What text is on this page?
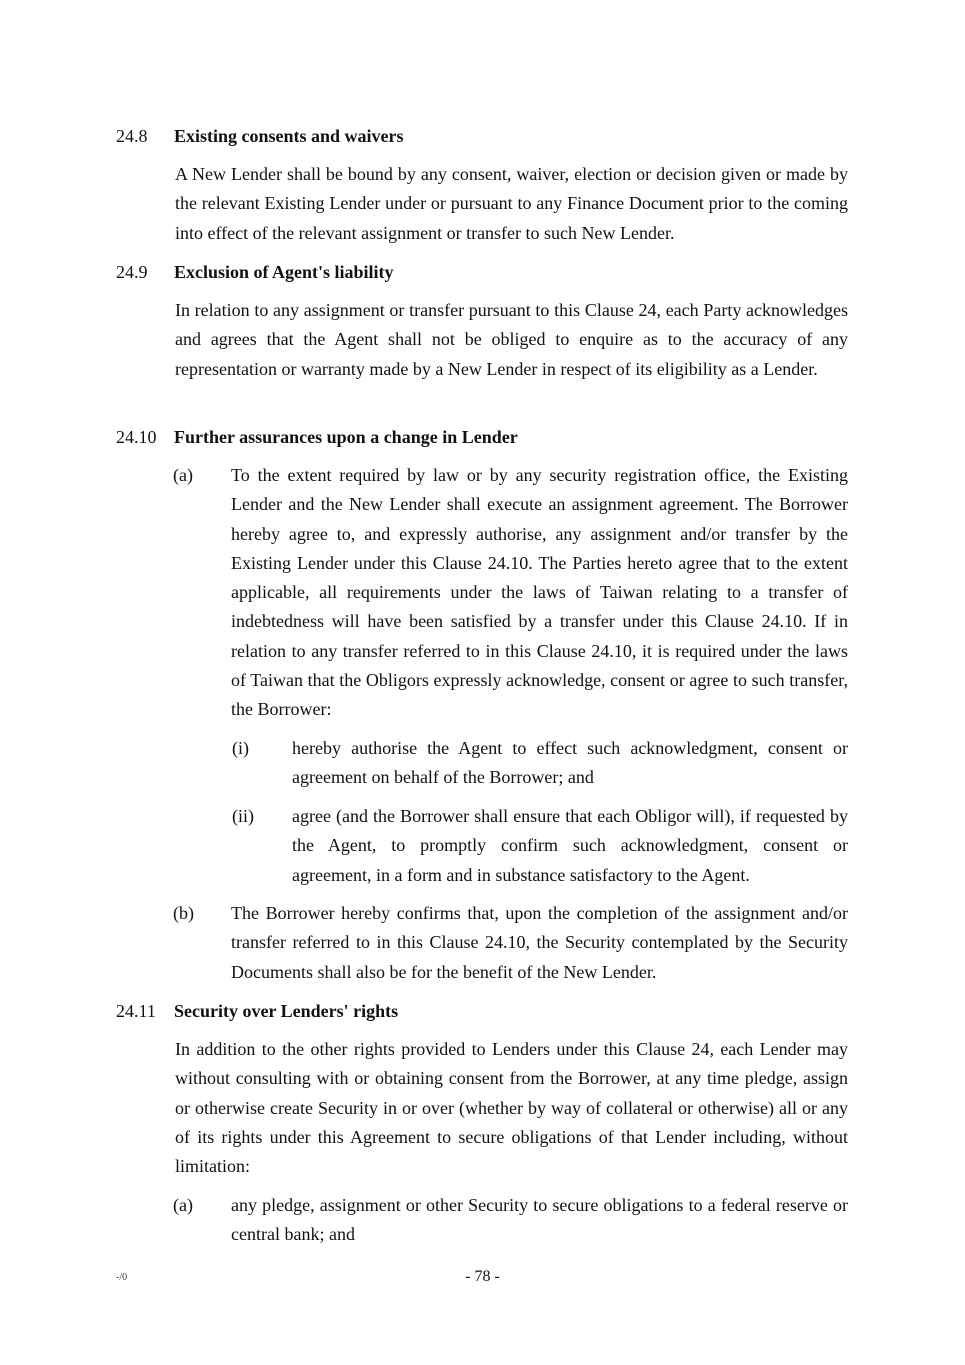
24.8 Existing consents and waivers
A New Lender shall be bound by any consent, waiver, election or decision given or made by the relevant Existing Lender under or pursuant to any Finance Document prior to the coming into effect of the relevant assignment or transfer to such New Lender.
24.9 Exclusion of Agent's liability
In relation to any assignment or transfer pursuant to this Clause 24, each Party acknowledges and agrees that the Agent shall not be obliged to enquire as to the accuracy of any representation or warranty made by a New Lender in respect of its eligibility as a Lender.
24.10 Further assurances upon a change in Lender
(a) To the extent required by law or by any security registration office, the Existing Lender and the New Lender shall execute an assignment agreement. The Borrower hereby agree to, and expressly authorise, any assignment and/or transfer by the Existing Lender under this Clause 24.10. The Parties hereto agree that to the extent applicable, all requirements under the laws of Taiwan relating to a transfer of indebtedness will have been satisfied by a transfer under this Clause 24.10. If in relation to any transfer referred to in this Clause 24.10, it is required under the laws of Taiwan that the Obligors expressly acknowledge, consent or agree to such transfer, the Borrower:
(i) hereby authorise the Agent to effect such acknowledgment, consent or agreement on behalf of the Borrower; and
(ii) agree (and the Borrower shall ensure that each Obligor will), if requested by the Agent, to promptly confirm such acknowledgment, consent or agreement, in a form and in substance satisfactory to the Agent.
(b) The Borrower hereby confirms that, upon the completion of the assignment and/or transfer referred to in this Clause 24.10, the Security contemplated by the Security Documents shall also be for the benefit of the New Lender.
24.11 Security over Lenders' rights
In addition to the other rights provided to Lenders under this Clause 24, each Lender may without consulting with or obtaining consent from the Borrower, at any time pledge, assign or otherwise create Security in or over (whether by way of collateral or otherwise) all or any of its rights under this Agreement to secure obligations of that Lender including, without limitation:
(a) any pledge, assignment or other Security to secure obligations to a federal reserve or central bank; and
-/0	- 78 -
